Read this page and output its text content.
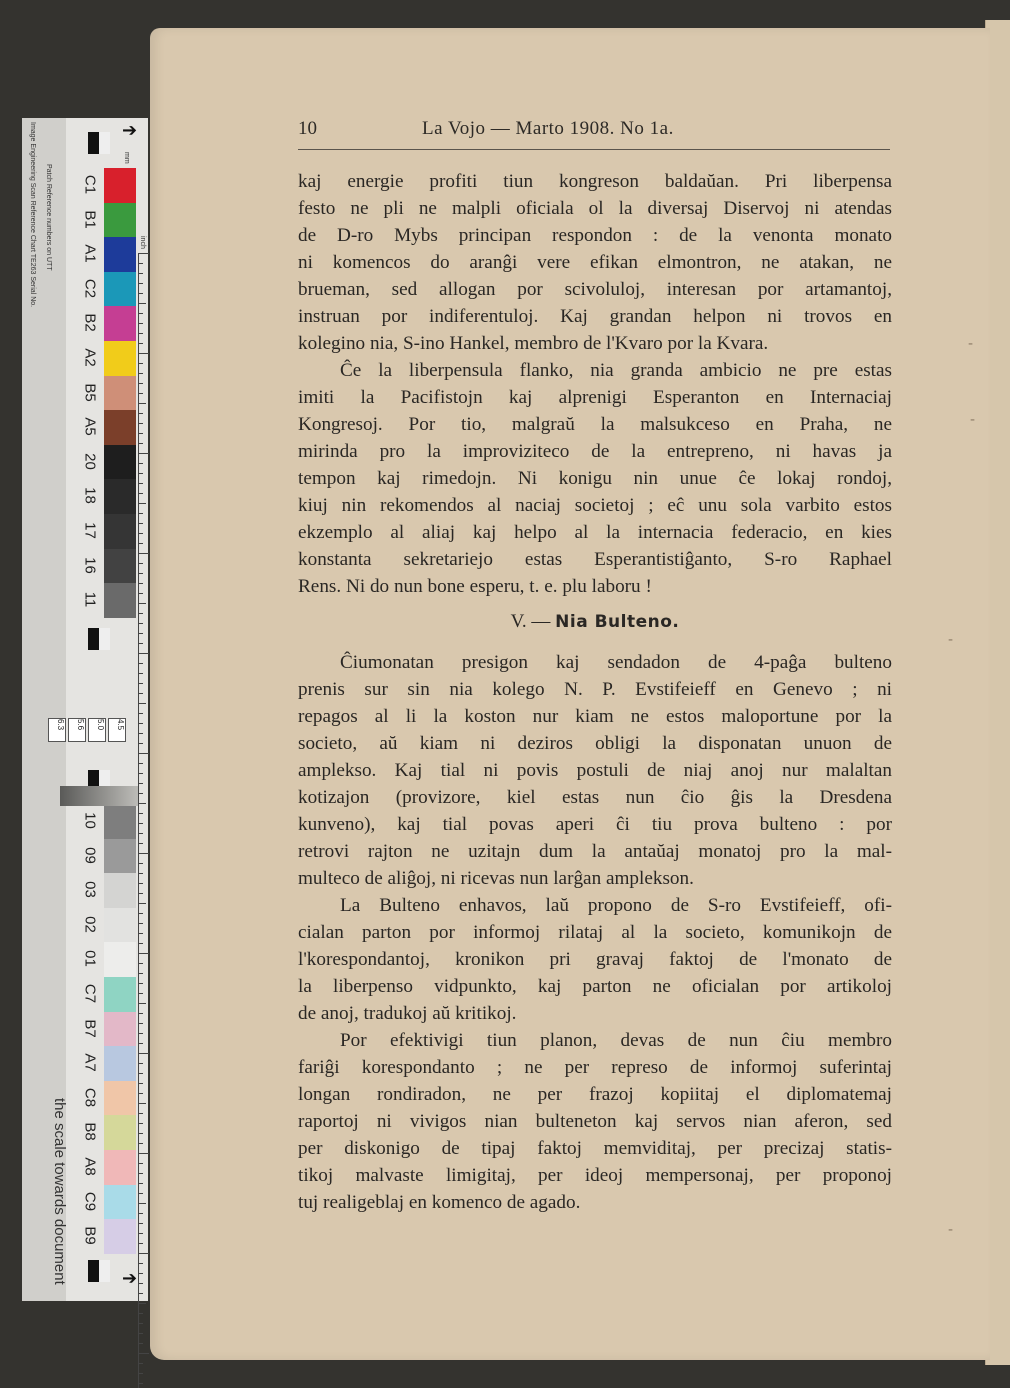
Image Engineering Scan Reference Chart TE263 Serial No. Patch Reference numbers on UTT
the scale towards document
mm
inch
➔
➔
C1
B1
A1
C2
B2
A2
B5
A5
20
18
17
16
11
10
09
03
02
01
C7
B7
A7
C8
B8
A8
C9
B9
4.5
5.0
5.6
6.3
10	La Vojo — Marto 1908. No 1a.
kaj energie profiti tiun kongreson baldaŭan. Pri liberpensa
festo ne pli ne malpli oficiala ol la diversaj Diservoj ni atendas
de D-ro Mybs principan respondon : de la venonta monato
ni komencos do aranĝi vere efikan elmontron, ne atakan, ne
brueman, sed allogan por scivoluloj, interesan por artamantoj,
instruan por indiferentuloj. Kaj grandan helpon ni trovos en
kolegino nia, S-ino Hankel, membro de l'Kvaro por la Kvara.
Ĉe la liberpensula flanko, nia granda ambicio ne pre estas
imiti la Pacifistojn kaj alprenigi Esperanton en Internaciaj
Kongresoj. Por tio, malgraŭ la malsukceso en Praha, ne
mirinda pro la improviziteco de la entrepreno, ni havas ja
tempon kaj rimedojn. Ni konigu nin unue ĉe lokaj rondoj,
kiuj nin rekomendos al naciaj societoj ; eĉ unu sola varbito estos
ekzemplo al aliaj kaj helpo al la internacia federacio, en kies
konstanta sekretariejo estas Esperantistiĝanto, S-ro Raphael
Rens. Ni do nun bone esperu, t. e. plu laboru !
V. — Nia Bulteno.
Ĉiumonatan presigon kaj sendadon de 4-paĝa bulteno
prenis sur sin nia kolego N. P. Evstifeieff en Genevo ; ni
repagos al li la koston nur kiam ne estos maloportune por la
societo, aŭ kiam ni deziros obligi la disponatan unuon de
amplekso. Kaj tial ni povis postuli de niaj anoj nur malaltan
kotizajon (provizore, kiel estas nun ĉio ĝis la Dresdena
kunveno), kaj tial povas aperi ĉi tiu prova bulteno : por
retrovi rajton ne uzitajn dum la antaŭaj monatoj pro la mal-
multeco de aliĝoj, ni ricevas nun larĝan amplekson.
La Bulteno enhavos, laŭ propono de S-ro Evstifeieff, ofi-
cialan parton por informoj rilataj al la societo, komunikojn de
l'korespondantoj, kronikon pri gravaj faktoj de l'monato de
la liberpenso vidpunkto, kaj parton ne oficialan por artikoloj
de anoj, tradukoj aŭ kritikoj.
Por efektivigi tiun planon, devas de nun ĉiu membro
fariĝi korespondanto ; ne per represo de informoj suferintaj
longan rondiradon, ne per frazoj kopiitaj el diplomatemaj
raportoj ni vivigos nian bulteneton kaj servos nian aferon, sed
per diskonigo de tipaj faktoj memviditaj, per precizaj statis-
tikoj malvaste limigitaj, per ideoj mempersonaj, per proponoj
tuj realigeblaj en komenco de agado.
-
-
-
-
